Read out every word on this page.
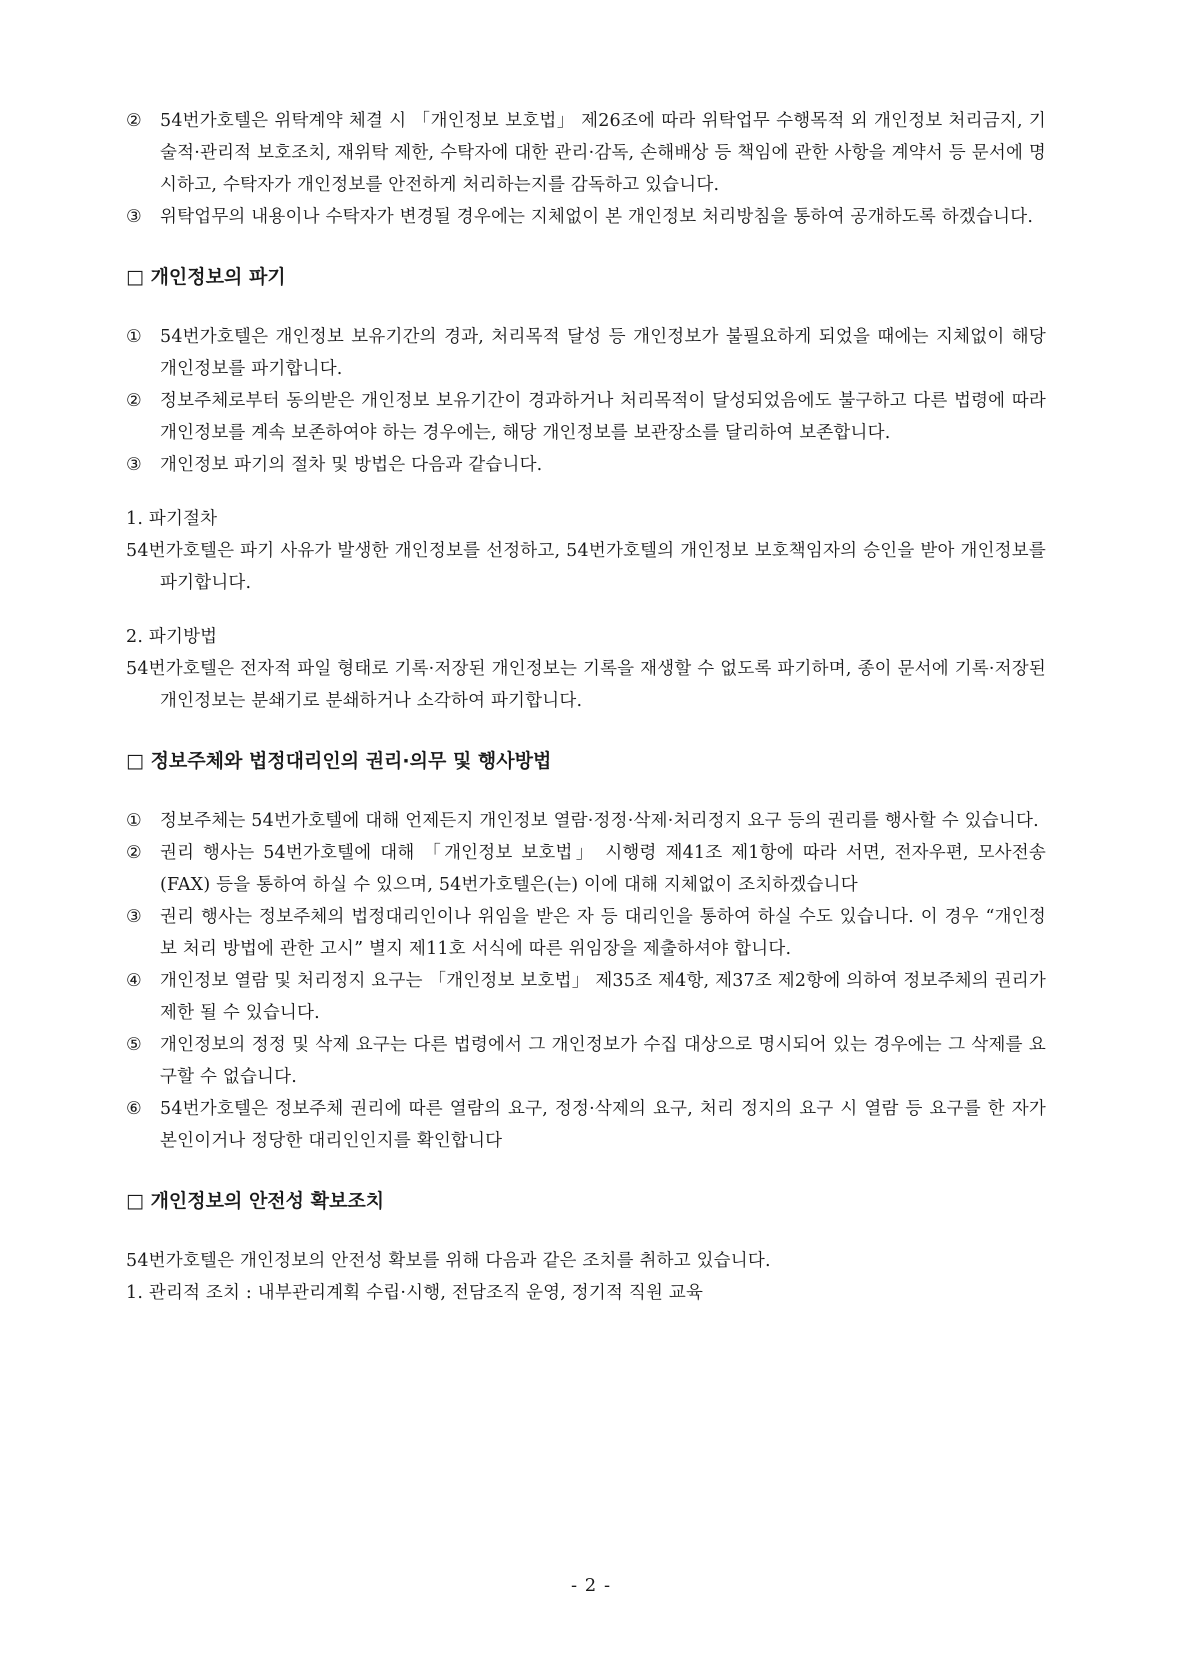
② 54번가호텔은 위탁계약 체결 시 「개인정보 보호법」 제26조에 따라 위탁업무 수행목적 외 개인정보 처리금지, 기술적·관리적 보호조치, 재위탁 제한, 수탁자에 대한 관리·감독, 손해배상 등 책임에 관한 사항을 계약서 등 문서에 명시하고, 수탁자가 개인정보를 안전하게 처리하는지를 감독하고 있습니다.
③ 위탁업무의 내용이나 수탁자가 변경될 경우에는 지체없이 본 개인정보 처리방침을 통하여 공개하도록 하겠습니다.
□ 개인정보의 파기
① 54번가호텔은 개인정보 보유기간의 경과, 처리목적 달성 등 개인정보가 불필요하게 되었을 때에는 지체없이 해당 개인정보를 파기합니다.
② 정보주체로부터 동의받은 개인정보 보유기간이 경과하거나 처리목적이 달성되었음에도 불구하고 다른 법령에 따라 개인정보를 계속 보존하여야 하는 경우에는, 해당 개인정보를 보관장소를 달리하여 보존합니다.
③ 개인정보 파기의 절차 및 방법은 다음과 같습니다.
1. 파기절차
54번가호텔은 파기 사유가 발생한 개인정보를 선정하고, 54번가호텔의 개인정보 보호책임자의 승인을 받아 개인정보를 파기합니다.
2. 파기방법
54번가호텔은 전자적 파일 형태로 기록·저장된 개인정보는 기록을 재생할 수 없도록 파기하며, 종이 문서에 기록·저장된 개인정보는 분쇄기로 분쇄하거나 소각하여 파기합니다.
□ 정보주체와 법정대리인의 권리·의무 및 행사방법
① 정보주체는 54번가호텔에 대해 언제든지 개인정보 열람·정정·삭제·처리정지 요구 등의 권리를 행사할 수 있습니다.
② 권리 행사는 54번가호텔에 대해 「개인정보 보호법」 시행령 제41조 제1항에 따라 서면, 전자우편, 모사전송(FAX) 등을 통하여 하실 수 있으며, 54번가호텔은(는) 이에 대해 지체없이 조치하겠습니다
③ 권리 행사는 정보주체의 법정대리인이나 위임을 받은 자 등 대리인을 통하여 하실 수도 있습니다. 이 경우 “개인정보 처리 방법에 관한 고시” 별지 제11호 서식에 따른 위임장을 제출하셔야 합니다.
④ 개인정보 열람 및 처리정지 요구는 「개인정보 보호법」 제35조 제4항, 제37조 제2항에 의하여 정보주체의 권리가 제한 될 수 있습니다.
⑤ 개인정보의 정정 및 삭제 요구는 다른 법령에서 그 개인정보가 수집 대상으로 명시되어 있는 경우에는 그 삭제를 요구할 수 없습니다.
⑥ 54번가호텔은 정보주체 권리에 따른 열람의 요구, 정정·삭제의 요구, 처리 정지의 요구 시 열람 등 요구를 한 자가 본인이거나 정당한 대리인인지를 확인합니다
□ 개인정보의 안전성 확보조치
54번가호텔은 개인정보의 안전성 확보를 위해 다음과 같은 조치를 취하고 있습니다.
1. 관리적 조치 : 내부관리계획 수립·시행, 전담조직 운영, 정기적 직원 교육
- 2 -
